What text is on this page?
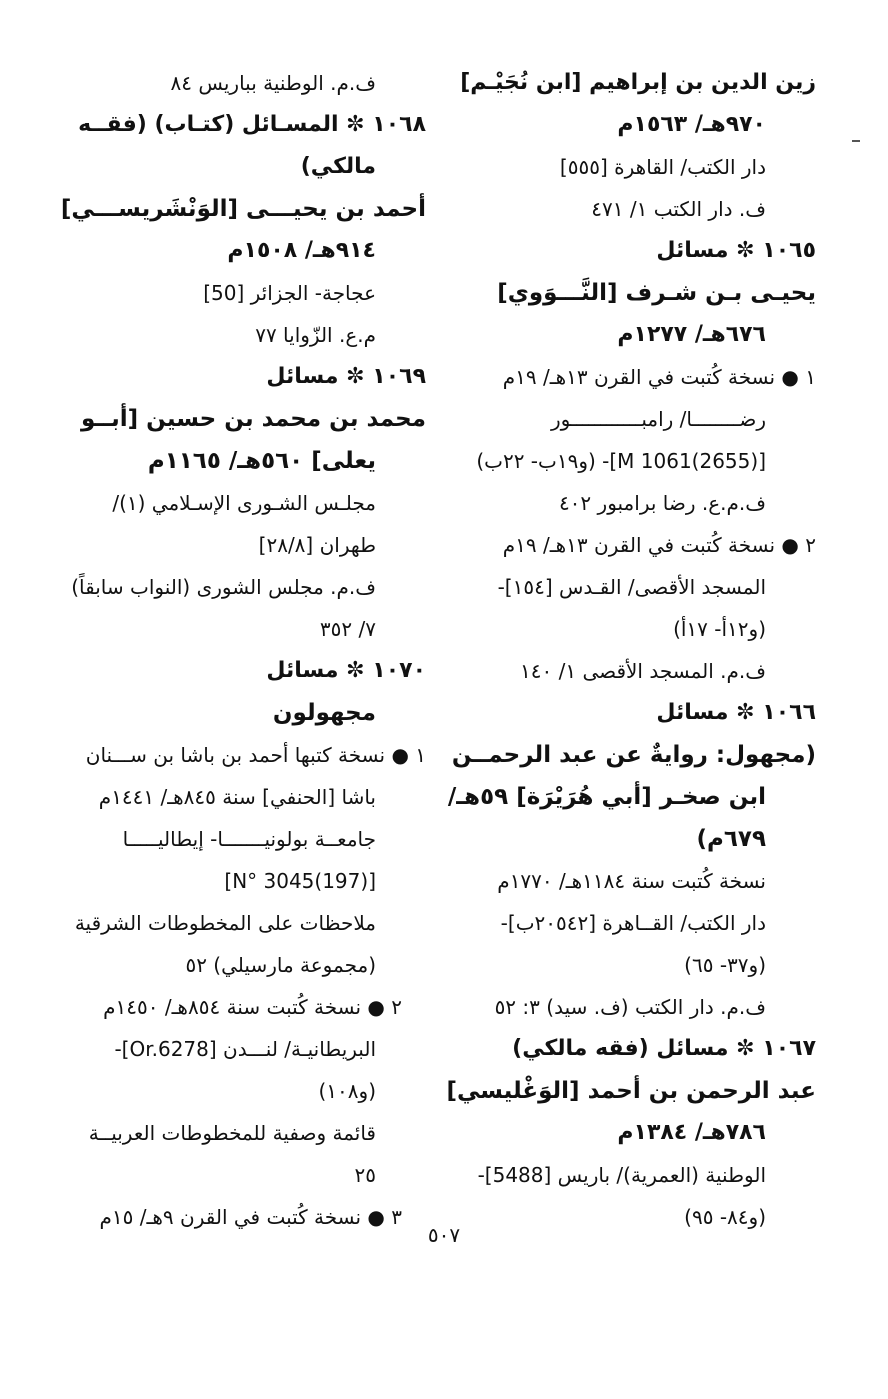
زين الدين بن إبراهيم [ابن نُجَيْـم]
٩٧٠هـ/ ١٥٦٣م
دار الكتب/ القاهرة [٥٥٥]
ف. دار الكتب ١/ ٤٧١
١٠٦٥ ✼ مسائل
يحيـى بـن شـرف [النَّـــوَوي]
٦٧٦هـ/ ١٢٧٧م
١ ● نسخة كُتبت في القرن ١٣هـ/ ١٩م
رضــــــــا/ رامبــــــــــــور
[M 1061(2655)]- (و١٩ب- ٢٢ب)
ف.م.ع. رضا برامبور ٤٠٢
٢ ● نسخة كُتبت في القرن ١٣هـ/ ١٩م
المسجد الأقصى/ القـدس [١٥٤]-
(و١٢أ- ١٧أ)
ف.م. المسجد الأقصى ١/ ١٤٠
١٠٦٦ ✼ مسائل
(مجهول: روايةٌ عن عبد الرحمــن
ابن صخـر [أبي هُرَيْرَة] ٥٩هـ/
٦٧٩م)
نسخة كُتبت سنة ١١٨٤هـ/ ١٧٧٠م
دار الكتب/ القــاهرة [٢٠٥٤٢ب]-
(و٣٧- ٦٥)
ف.م. دار الكتب (ف. سيد) ٣: ٥٢
١٠٦٧ ✼ مسائل (فقه مالكي)
عبد الرحمن بن أحمد [الوَغْليسي]
٧٨٦هـ/ ١٣٨٤م
الوطنية (العمرية)/ باريس [5488]-
(و٨٤- ٩٥)
ف.م. الوطنية بباريس ٨٤
١٠٦٨ ✼ المسـائل (كتـاب) (فقــه
مالكي)
أحمد بن يحيـــى [الوَنْشَريســـي]
٩١٤هـ/ ١٥٠٨م
عجاجة- الجزائر [50]
م.ع. الزّوايا ٧٧
١٠٦٩ ✼ مسائل
محمد بن محمد بن حسين [أبــو
يعلى] ٥٦٠هـ/ ١١٦٥م
مجلـس الشـورى الإسـلامي (١)/
طهران [٢٨/٨]
ف.م. مجلس الشورى (النواب سابقاً)
٧/ ٣٥٢
١٠٧٠ ✼ مسائل
مجهولون
١ ● نسخة كتبها أحمد بن باشا بن ســـنان
باشا [الحنفي] سنة ٨٤٥هـ/ ١٤٤١م
جامعــة بولونيـــــــا- إيطاليـــــا
[N° 3045(197)]
ملاحظات على المخطوطات الشرقية
(مجموعة مارسيلي) ٥٢
٢ ● نسخة كُتبت سنة ٨٥٤هـ/ ١٤٥٠م
البريطانيـة/ لنـــدن [Or.6278]-
(و١٠٨)
قائمة وصفية للمخطوطات العربيــة
٢٥
٣ ● نسخة كُتبت في القرن ٩هـ/ ١٥م
٥٠٧
